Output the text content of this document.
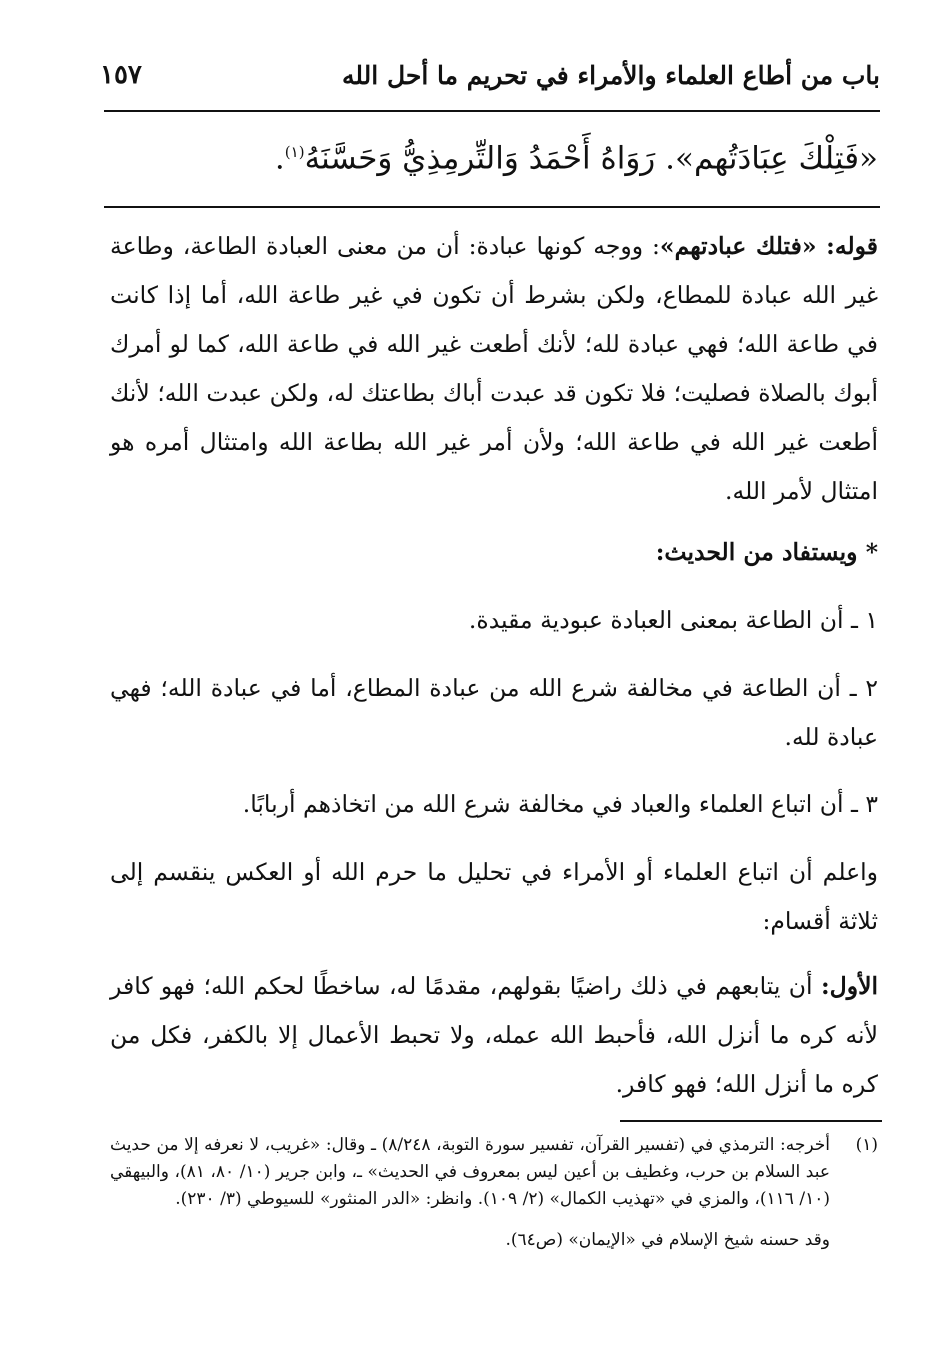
باب من أطاع العلماء والأمراء في تحريم ما أحل الله
١٥٧
«فَتِلْكَ عِبَادَتُهم». رَوَاهُ أَحْمَدُ وَالتِّرمِذِيُّ وَحَسَّنَهُ$^{(١)}$.
قوله: «فتلك عبادتهم»: ووجه كونها عبادة: أن من معنى العبادة الطاعة، وطاعة غير الله عبادة للمطاع، ولكن بشرط أن تكون في غير طاعة الله، أما إذا كانت في طاعة الله؛ فهي عبادة لله؛ لأنك أطعت غير الله في طاعة الله، كما لو أمرك أبوك بالصلاة فصليت؛ فلا تكون قد عبدت أباك بطاعتك له، ولكن عبدت الله؛ لأنك أطعت غير الله في طاعة الله؛ ولأن أمر غير الله بطاعة الله وامتثال أمره هو امتثال لأمر الله.
* ويستفاد من الحديث:
١ ـ أن الطاعة بمعنى العبادة عبودية مقيدة.
٢ ـ أن الطاعة في مخالفة شرع الله من عبادة المطاع، أما في عبادة الله؛ فهي عبادة لله.
٣ ـ أن اتباع العلماء والعباد في مخالفة شرع الله من اتخاذهم أربابًا.
واعلم أن اتباع العلماء أو الأمراء في تحليل ما حرم الله أو العكس ينقسم إلى ثلاثة أقسام:
الأول: أن يتابعهم في ذلك راضيًا بقولهم، مقدمًا له، ساخطًا لحكم الله؛ فهو كافر لأنه كره ما أنزل الله، فأحبط الله عمله، ولا تحبط الأعمال إلا بالكفر، فكل من كره ما أنزل الله؛ فهو كافر.
(١)
أخرجه: الترمذي في (تفسير القرآن، تفسير سورة التوبة، ٨/٢٤٨) ـ وقال: «غريب، لا نعرفه إلا من حديث عبد السلام بن حرب، وغطيف بن أعين ليس بمعروف في الحديث» ـ، وابن جرير (١٠/ ٨٠، ٨١)، والبيهقي (١٠/ ١١٦)، والمزي في «تهذيب الكمال» (٢/ ١٠٩). وانظر: «الدر المنثور» للسيوطي (٣/ ٢٣٠).
وقد حسنه شيخ الإسلام في «الإيمان» (ص٦٤).
